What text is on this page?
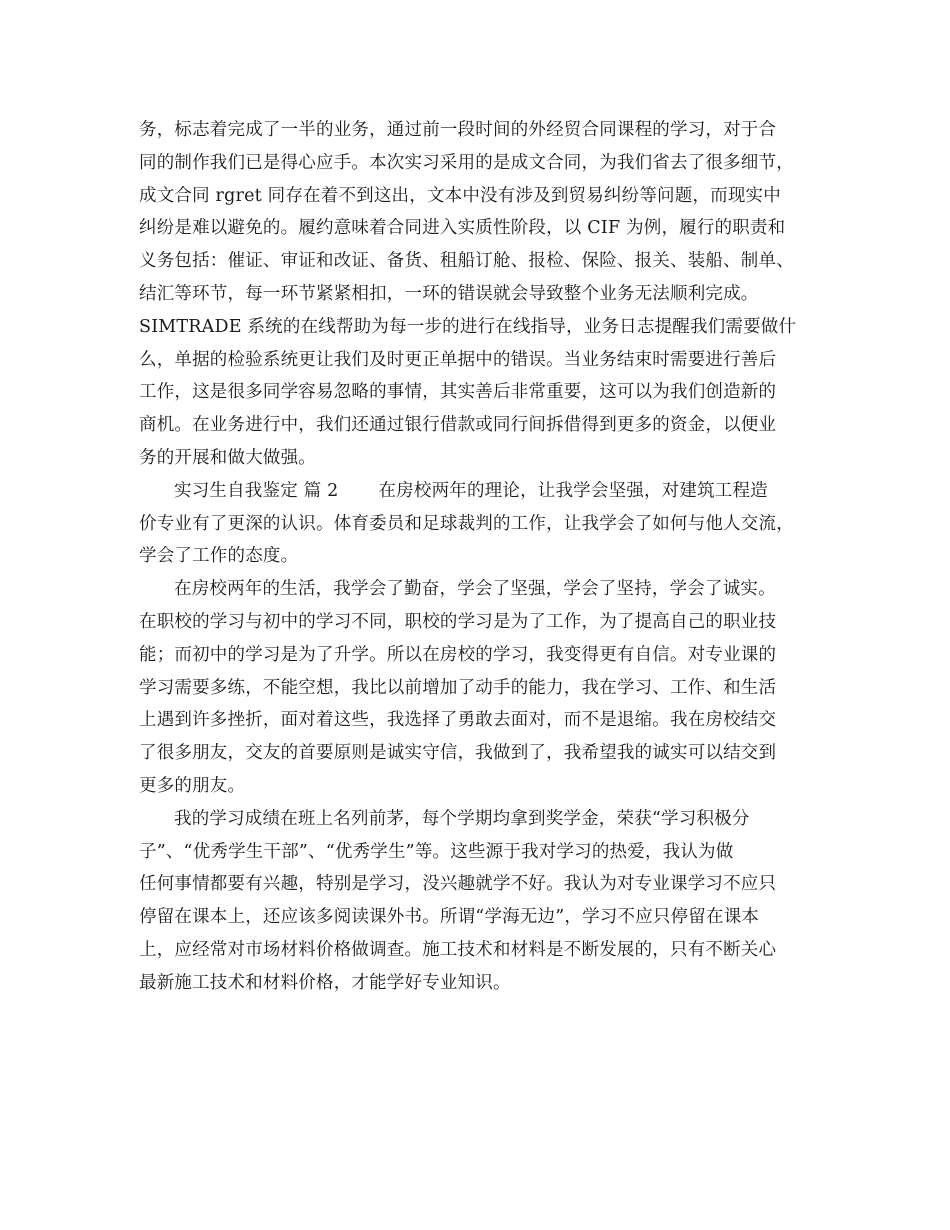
务，标志着完成了一半的业务，通过前一段时间的外经贸合同课程的学习，对于合
同的制作我们已是得心应手。本次实习采用的是成文合同，为我们省去了很多细节，
成文合同 rgret 同存在着不到这出，文本中没有涉及到贸易纠纷等问题，而现实中
纠纷是难以避免的。履约意味着合同进入实质性阶段，以 CIF 为例，履行的职责和
义务包括：催证、审证和改证、备货、租船订舱、报检、保险、报关、装船、制单、
结汇等环节，每一环节紧紧相扣，一环的错误就会导致整个业务无法顺利完成。
SIMTRADE 系统的在线帮助为每一步的进行在线指导，业务日志提醒我们需要做什
么，单据的检验系统更让我们及时更正单据中的错误。当业务结束时需要进行善后
工作，这是很多同学容易忽略的事情，其实善后非常重要，这可以为我们创造新的
商机。在业务进行中，我们还通过银行借款或同行间拆借得到更多的资金，以便业
务的开展和做大做强。
实习生自我鉴定 篇 2 在房校两年的理论，让我学会坚强，对建筑工程造
价专业有了更深的认识。体育委员和足球裁判的工作，让我学会了如何与他人交流，
学会了工作的态度。
在房校两年的生活，我学会了勤奋，学会了坚强，学会了坚持，学会了诚实。
在职校的学习与初中的学习不同，职校的学习是为了工作，为了提高自己的职业技
能；而初中的学习是为了升学。所以在房校的学习，我变得更有自信。对专业课的
学习需要多练，不能空想，我比以前增加了动手的能力，我在学习、工作、和生活
上遇到许多挫折，面对着这些，我选择了勇敢去面对，而不是退缩。我在房校结交
了很多朋友，交友的首要原则是诚实守信，我做到了，我希望我的诚实可以结交到
更多的朋友。
我的学习成绩在班上名列前茅，每个学期均拿到奖学金，荣获“学习积极分
子”、“优秀学生干部”、“优秀学生”等。这些源于我对学习的热爱，我认为做
任何事情都要有兴趣，特别是学习，没兴趣就学不好。我认为对专业课学习不应只
停留在课本上，还应该多阅读课外书。所谓“学海无边”，学习不应只停留在课本
上，应经常对市场材料价格做调查。施工技术和材料是不断发展的，只有不断关心
最新施工技术和材料价格，才能学好专业知识。
